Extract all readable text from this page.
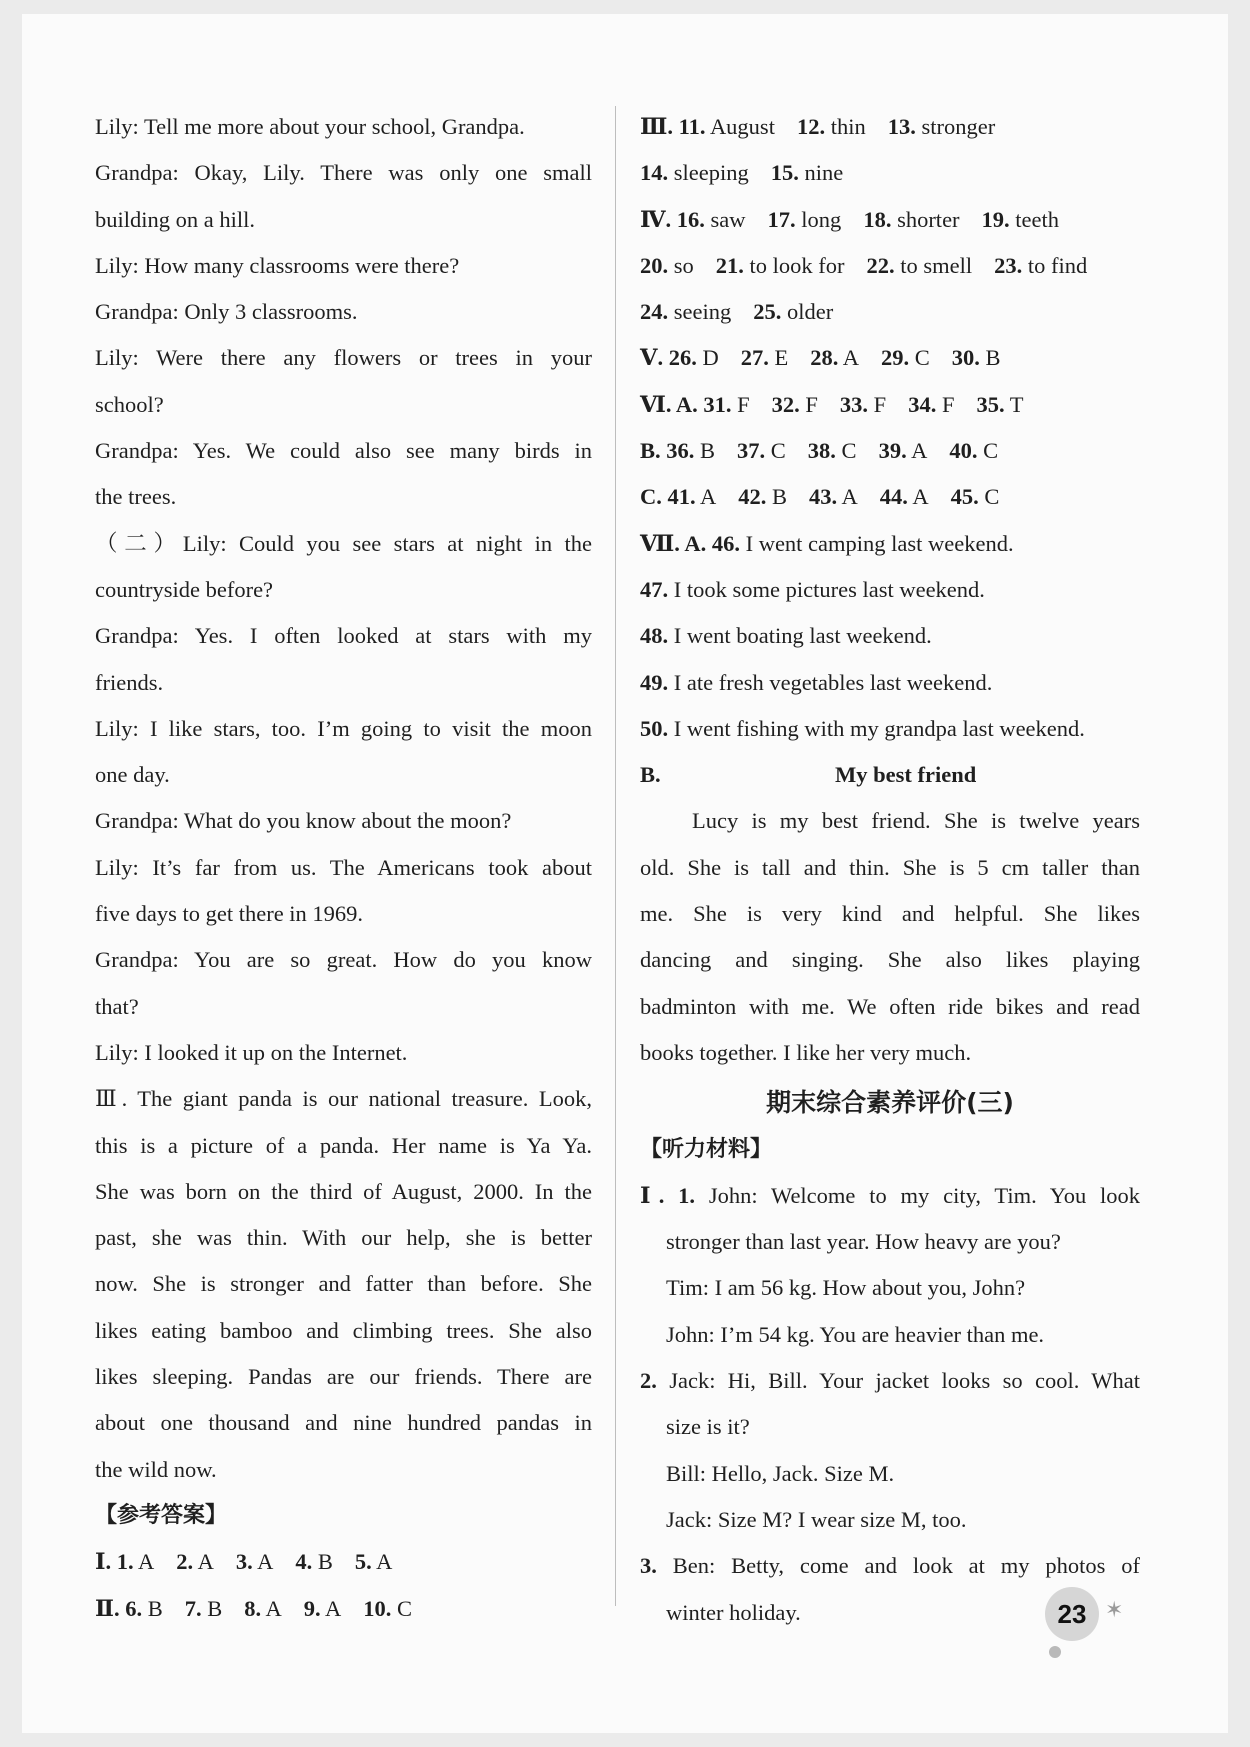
Lily: Tell me more about your school, Grandpa.
Grandpa: Okay, Lily. There was only one small
building on a hill.
Lily: How many classrooms were there?
Grandpa: Only 3 classrooms.
Lily: Were there any flowers or trees in your
school?
Grandpa: Yes. We could also see many birds in
the trees.
（二）Lily: Could you see stars at night in the
countryside before?
Grandpa: Yes. I often looked at stars with my
friends.
Lily: I like stars, too. I’m going to visit the moon
one day.
Grandpa: What do you know about the moon?
Lily: It’s far from us. The Americans took about
five days to get there in 1969.
Grandpa: You are so great. How do you know
that?
Lily: I looked it up on the Internet.
Ⅲ. The giant panda is our national treasure. Look,
this is a picture of a panda. Her name is Ya Ya.
She was born on the third of August, 2000. In the
past, she was thin. With our help, she is better
now. She is stronger and fatter than before. She
likes eating bamboo and climbing trees. She also
likes sleeping. Pandas are our friends. There are
about one thousand and nine hundred pandas in
the wild now.
【参考答案】
Ⅰ. 1. A 2. A 3. A 4. B 5. A
Ⅱ. 6. B 7. B 8. A 9. A 10. C
Ⅲ. 11. August 12. thin 13. stronger
14. sleeping 15. nine
Ⅳ. 16. saw 17. long 18. shorter 19. teeth
20. so 21. to look for 22. to smell 23. to find
24. seeing 25. older
Ⅴ. 26. D 27. E 28. A 29. C 30. B
Ⅵ. A. 31. F 32. F 33. F 34. F 35. T
B. 36. B 37. C 38. C 39. A 40. C
C. 41. A 42. B 43. A 44. A 45. C
Ⅶ. A. 46. I went camping last weekend.
47. I took some pictures last weekend.
48. I went boating last weekend.
49. I ate fresh vegetables last weekend.
50. I went fishing with my grandpa last weekend.
B.	My best friend
Lucy is my best friend. She is twelve years
old. She is tall and thin. She is 5 cm taller than
me. She is very kind and helpful. She likes
dancing and singing. She also likes playing
badminton with me. We often ride bikes and read
books together. I like her very much.
期末综合素养评价(三)
【听力材料】
Ⅰ. 1. John: Welcome to my city, Tim. You look
stronger than last year. How heavy are you?
Tim: I am 56 kg. How about you, John?
John: I’m 54 kg. You are heavier than me.
2. Jack: Hi, Bill. Your jacket looks so cool. What
size is it?
Bill: Hello, Jack. Size M.
Jack: Size M? I wear size M, too.
3. Ben: Betty, come and look at my photos of
winter holiday.	23 ✶
